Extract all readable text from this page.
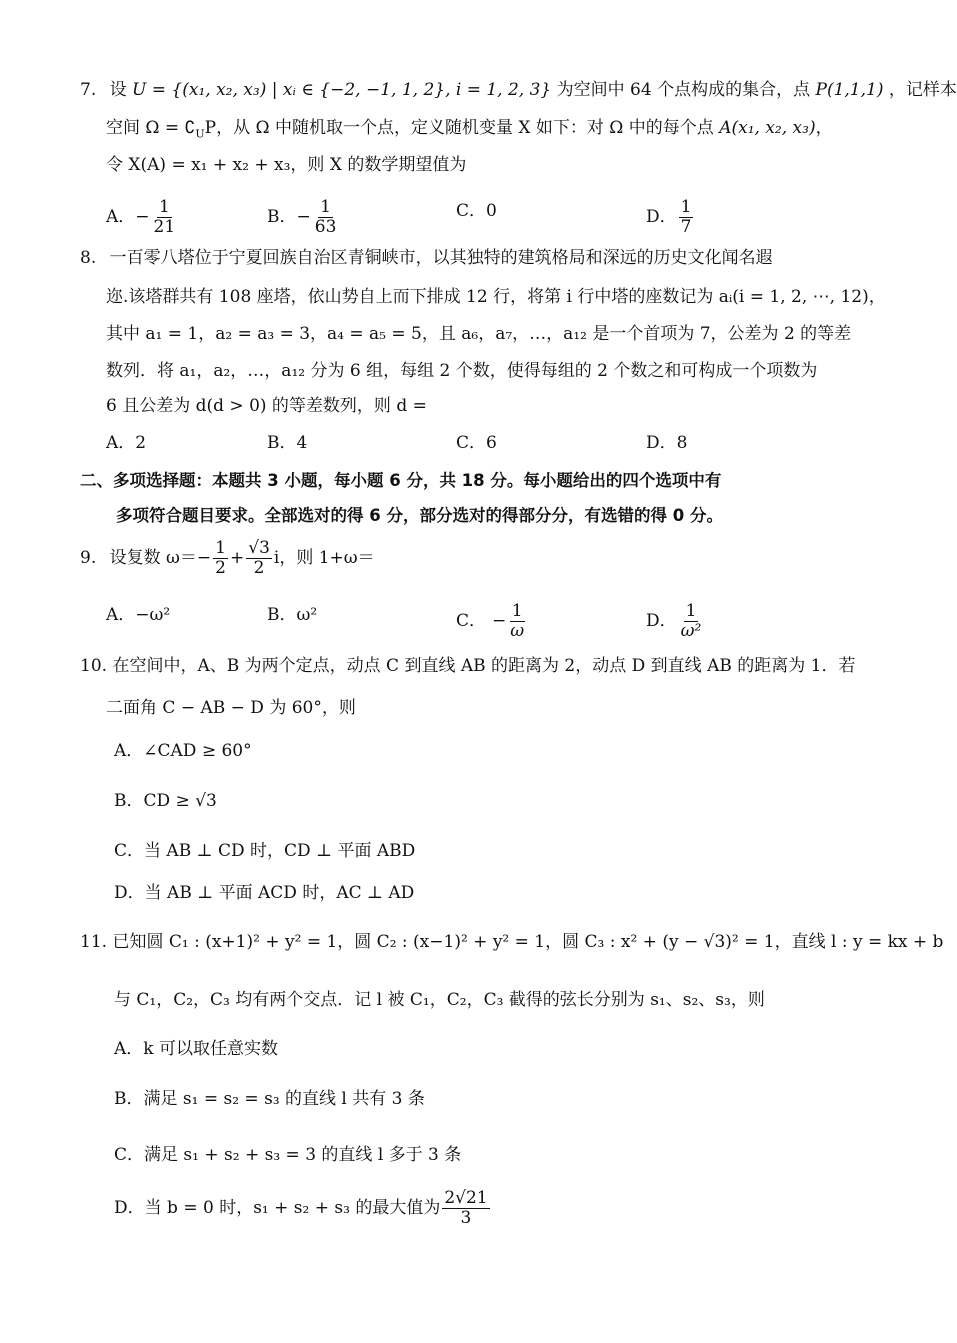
7. 设 U = {(x₁, x₂, x₃) | xᵢ ∈ {−2, −1, 1, 2}, i = 1, 2, 3} 为空间中 64 个点构成的集合，点 P(1,1,1) ，记样本
空间 $\Omega = ∁_UP$，从 Ω 中随机取一个点，定义随机变量 X 如下：对 Ω 中的每个点 A(x₁, x₂, x₃)，
令 X(A) = x₁ + x₂ + x₃，则 X 的数学期望值为
A．− $\frac{1}{21}$	B．− $\frac{1}{63}$	C．0	D． $\frac{1}{7}$
8. 一百零八塔位于宁夏回族自治区青铜峡市，以其独特的建筑格局和深远的历史文化闻名遐
迩.该塔群共有 108 座塔，依山势自上而下排成 12 行，将第 i 行中塔的座数记为 aᵢ(i = 1, 2, ⋯, 12)，
其中 a₁ = 1，a₂ = a₃ = 3，a₄ = a₅ = 5，且 a₆，a₇，…，a₁₂ 是一个首项为 7，公差为 2 的等差
数列．将 a₁，a₂，…，a₁₂ 分为 6 组，每组 2 个数，使得每组的 2 个数之和可构成一个项数为
6 且公差为 d(d > 0) 的等差数列，则 d =
A．2	B．4	C．6	D．8
二、多项选择题：本题共 3 小题，每小题 6 分，共 18 分。每小题给出的四个选项中有
多项符合题目要求。全部选对的得 6 分，部分选对的得部分分，有选错的得 0 分。
9. 设复数 $\omega=- \frac{1}{2} + \frac{√3}{2}$ i，则 1+ω＝
A．−ω²	B．ω²	C． − $\frac{1}{\omega}$	D． $\frac{1}{\text{ω²}}$
10. 在空间中，A、B 为两个定点，动点 C 到直线 AB 的距离为 2，动点 D 到直线 AB 的距离为 1．若
二面角 C − AB − D 为 60°，则
A．∠CAD ≥ 60°
B．CD ≥ √3
C．当 AB ⊥ CD 时，CD ⊥ 平面 ABD
D．当 AB ⊥ 平面 ACD 时，AC ⊥ AD
11. 已知圆 C₁ : (x+1)² + y² = 1，圆 C₂ : (x−1)² + y² = 1，圆 C₃ : x² + (y − √3)² = 1，直线 l : y = kx + b
与 C₁，C₂，C₃ 均有两个交点．记 l 被 C₁，C₂，C₃ 截得的弦长分别为 s₁、s₂、s₃，则
A．k 可以取任意实数
B．满足 s₁ = s₂ = s₃ 的直线 l 共有 3 条
C．满足 s₁ + s₂ + s₃ = 3 的直线 l 多于 3 条
D．当 b = 0 时，s₁ + s₂ + s₃ 的最大值为 $\frac{2√21}{3}$
